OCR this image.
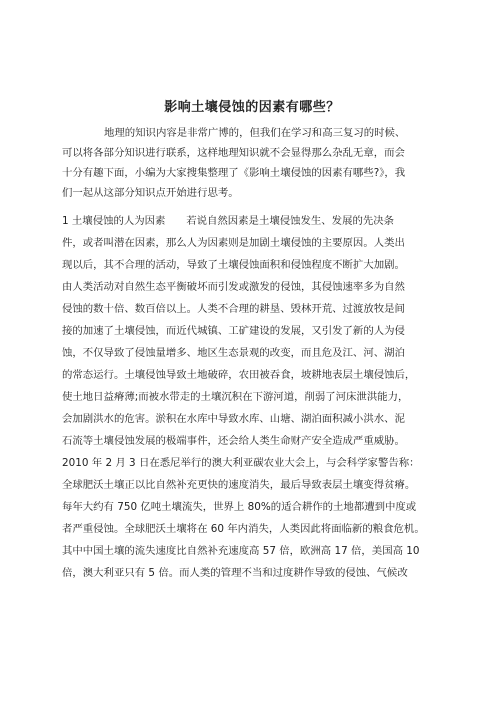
影响土壤侵蚀的因素有哪些？
地理的知识内容是非常广博的，但我们在学习和高三复习的时候、
可以将各部分知识进行联系，这样地理知识就不会显得那么杂乱无章，而会
十分有趣下面，小编为大家搜集整理了《影响土壤侵蚀的因素有哪些?》，我
们一起从这部分知识点开始进行思考。
1 土壤侵蚀的人为因素　　若说自然因素是土壤侵蚀发生、发展的先决条
件，或者叫潜在因素，那么人为因素则是加剧土壤侵蚀的主要原因。人类出
现以后，其不合理的活动，导致了土壤侵蚀面积和侵蚀程度不断扩大加剧。
由人类活动对自然生态平衡破坏而引发或激发的侵蚀，其侵蚀速率多为自然
侵蚀的数十倍、数百倍以上。人类不合理的耕垦、毁林开荒、过渡放牧是间
接的加速了土壤侵蚀，而近代城镇、工矿建设的发展，又引发了新的人为侵
蚀，不仅导致了侵蚀量增多、地区生态景观的改变，而且危及江、河、湖泊
的常态运行。土壤侵蚀导致土地破碎，农田被吞食，坡耕地表层土壤侵蚀后，
使土地日益瘠薄;而被水带走的土壤沉积在下游河道，削弱了河床泄洪能力，
会加剧洪水的危害。淤积在水库中导致水库、山塘、湖泊面积减小洪水、泥
石流等土壤侵蚀发展的极端事件，还会给人类生命财产安全造成严重威胁。
2010 年 2 月 3 日在悉尼举行的澳大利亚碳农业大会上，与会科学家警告称：
全球肥沃土壤正以比自然补充更快的速度消失，最后导致表层土壤变得贫瘠。
每年大约有 750 亿吨土壤流失，世界上 80%的适合耕作的土地都遭到中度或
者严重侵蚀。全球肥沃土壤将在 60 年内消失，人类因此将面临新的粮食危机。
其中中国土壤的流失速度比自然补充速度高 57 倍，欧洲高 17 倍，美国高 10
倍，澳大利亚只有 5 倍。而人类的管理不当和过度耕作导致的侵蚀、气候改
